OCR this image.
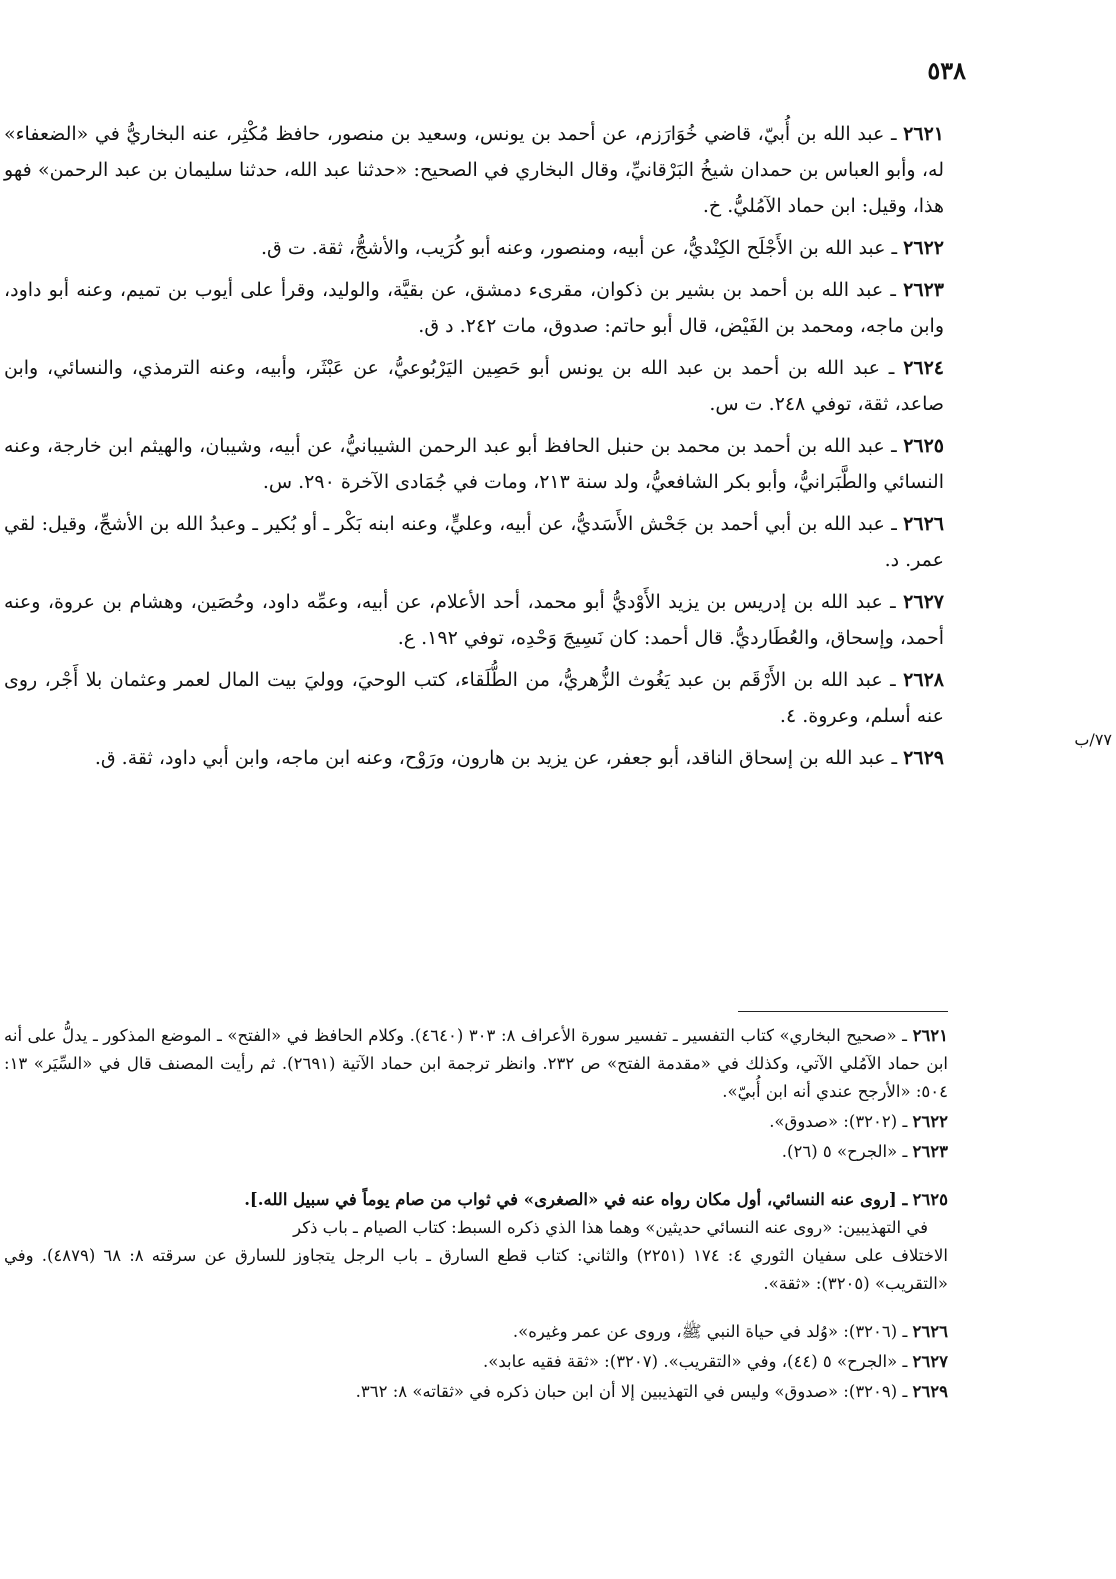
٥٣٨
٧٧/ب
٢٦٢١ ـ عبد الله بن أُبيّ، قاضي خُوَارَزم، عن أحمد بن يونس، وسعيد بن منصور، حافظ مُكْثِر، عنه البخاريُّ في «الضعفاء» له، وأبو العباس بن حمدان شيخُ البَرْقانيِّ، وقال البخاري في الصحيح: «حدثنا عبد الله، حدثنا سليمان بن عبد الرحمن» فهو هذا، وقيل: ابن حماد الآمُليُّ. خ.
٢٦٢٢ ـ عبد الله بن الأَجْلَح الكِنْديُّ، عن أبيه، ومنصور، وعنه أبو كُرَيب، والأشجُّ، ثقة. ت ق.
٢٦٢٣ ـ عبد الله بن أحمد بن بشير بن ذكوان، مقرىء دمشق، عن بقيَّة، والوليد، وقرأ على أيوب بن تميم، وعنه أبو داود، وابن ماجه، ومحمد بن الفَيْض، قال أبو حاتم: صدوق، مات ٢٤٢. د ق.
٢٦٢٤ ـ عبد الله بن أحمد بن عبد الله بن يونس أبو حَصِين اليَرْبُوعيُّ، عن عَبْثَر، وأبيه، وعنه الترمذي، والنسائي، وابن صاعد، ثقة، توفي ٢٤٨. ت س.
٢٦٢٥ ـ عبد الله بن أحمد بن محمد بن حنبل الحافظ أبو عبد الرحمن الشيبانيُّ، عن أبيه، وشيبان، والهيثم ابن خارجة، وعنه النسائي والطَّبَرانيُّ، وأبو بكر الشافعيُّ، ولد سنة ٢١٣، ومات في جُمَادى الآخرة ٢٩٠. س.
٢٦٢٦ ـ عبد الله بن أبي أحمد بن جَحْش الأَسَديُّ، عن أبيه، وعليٍّ، وعنه ابنه بَكْر ـ أو بُكير ـ وعبدُ الله بن الأشجِّ، وقيل: لقي عمر. د.
٢٦٢٧ ـ عبد الله بن إدريس بن يزيد الأَوْديُّ أبو محمد، أحد الأعلام، عن أبيه، وعمِّه داود، وحُصَين، وهشام بن عروة، وعنه أحمد، وإسحاق، والعُطَارديُّ. قال أحمد: كان نَسِيجَ وَحْدِه، توفي ١٩٢. ع.
٢٦٢٨ ـ عبد الله بن الأَرْقَم بن عبد يَغُوث الزُّهريُّ، من الطُّلَقاء، كتب الوحيَ، ووليَ بيت المال لعمر وعثمان بلا أَجْر، روى عنه أسلم، وعروة. ٤.
٢٦٢٩ ـ عبد الله بن إسحاق الناقد، أبو جعفر، عن يزيد بن هارون، ورَوْح، وعنه ابن ماجه، وابن أبي داود، ثقة. ق.
٢٦٢١ ـ «صحيح البخاري» كتاب التفسير ـ تفسير سورة الأعراف ٨: ٣٠٣ (٤٦٤٠). وكلام الحافظ في «الفتح» ـ الموضع المذكور ـ يدلُّ على أنه ابن حماد الآمُلي الآتي، وكذلك في «مقدمة الفتح» ص ٢٣٢. وانظر ترجمة ابن حماد الآتية (٢٦٩١). ثم رأيت المصنف قال في «السِّيَر» ١٣: ٥٠٤: «الأرجح عندي أنه ابن أُبيّ».
٢٦٢٢ ـ (٣٢٠٢): «صدوق».
٢٦٢٣ ـ «الجرح» ٥ (٢٦).
٢٦٢٥ ـ [روى عنه النسائي، أول مكان رواه عنه في «الصغرى» في ثواب من صام يوماً في سبيل الله.].
في التهذيبين: «روى عنه النسائي حديثين» وهما هذا الذي ذكره السبط: كتاب الصيام ـ باب ذكر
الاختلاف على سفيان الثوري ٤: ١٧٤ (٢٢٥١) والثاني: كتاب قطع السارق ـ باب الرجل يتجاوز للسارق عن سرقته ٨: ٦٨ (٤٨٧٩). وفي «التقريب» (٣٢٠٥): «ثقة».
٢٦٢٦ ـ (٣٢٠٦): «وُلد في حياة النبي ﷺ، وروى عن عمر وغيره».
٢٦٢٧ ـ «الجرح» ٥ (٤٤)، وفي «التقريب». (٣٢٠٧): «ثقة فقيه عابد».
٢٦٢٩ ـ (٣٢٠٩): «صدوق» وليس في التهذيبين إلا أن ابن حبان ذكره في «ثقاته» ٨: ٣٦٢.
